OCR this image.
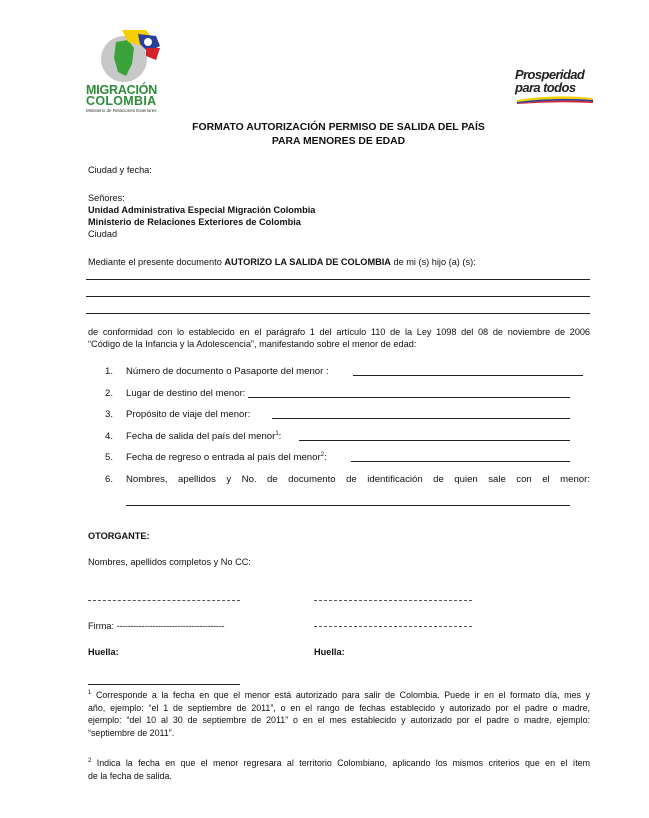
MIGRACIÓN
COLOMBIA
Ministerio de Relaciones Exteriores
Prosperidad
para todos
FORMATO AUTORIZACIÓN PERMISO DE SALIDA DEL PAÍS
PARA MENORES DE EDAD
Ciudad y fecha:
Señores:
Unidad Administrativa Especial Migración Colombia
Ministerio de Relaciones Exteriores de Colombia
Ciudad
Mediante el presente documento AUTORIZO LA SALIDA DE COLOMBIA de mi (s) hijo (a) (s):
de conformidad con lo establecido en el parágrafo 1 del artículo 110 de la Ley 1098 del 08 de noviembre de 2006
“Código de la Infancia y la Adolescencia”, manifestando sobre el menor de edad:
1. Número de documento o Pasaporte del menor :
2. Lugar de destino del menor:
3. Propósito de viaje del menor:
4. Fecha de salida del país del menor$^1$:
5. Fecha de regreso o entrada al país del menor$^2$:
6. Nombres, apellidos y No. de documento de identificación de quien sale con el menor:
OTORGANTE:
Nombres, apellidos completos y No CC:
Firma: ---------------------------------------
Huella:	Huella:
$^1$ Corresponde a la fecha en que el menor está autorizado para salir de Colombia. Puede ir en el formato día, mes y
año, ejemplo: “el 1 de septiembre de 2011”, o en el rango de fechas establecido y autorizado por el padre o madre,
ejemplo: “del 10 al 30 de septiembre de 2011” o en el mes establecido y autorizado por el padre o madre, ejemplo:
“septiembre de 2011”.
$^2$ Indica la fecha en que el menor regresara al territorio Colombiano, aplicando los mismos criterios que en el ítem
de la fecha de salida.
